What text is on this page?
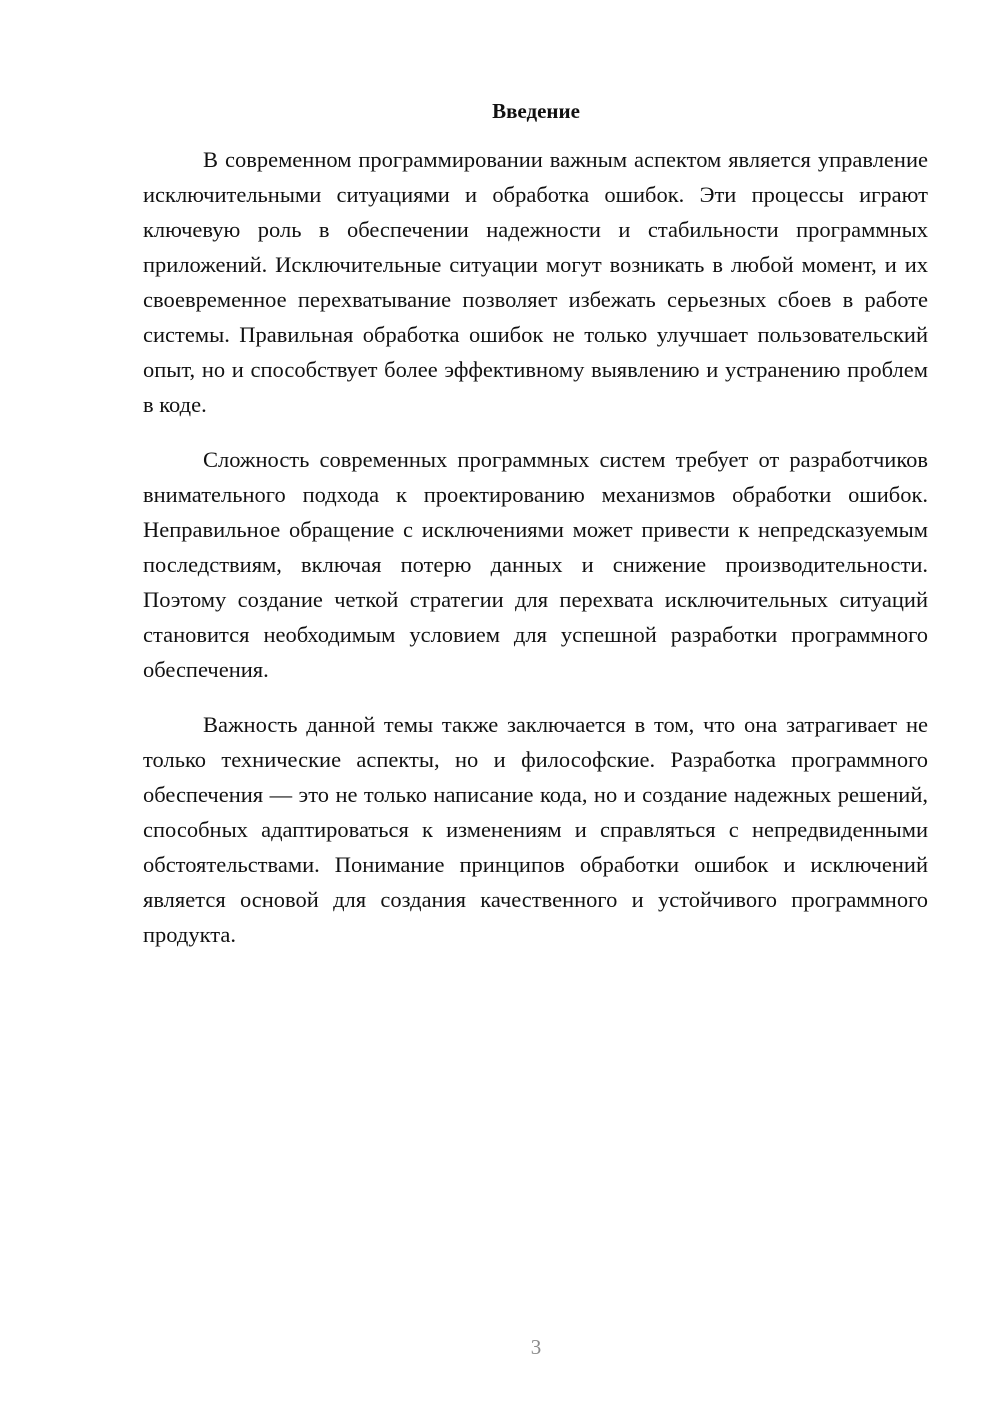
Введение

В современном программировании важным аспектом является управление исключительными ситуациями и обработка ошибок. Эти процессы играют ключевую роль в обеспечении надежности и стабильности программных приложений. Исключительные ситуации могут возникать в любой момент, и их своевременное перехватывание позволяет избежать серьезных сбоев в работе системы. Правильная обработка ошибок не только улучшает пользовательский опыт, но и способствует более эффективному выявлению и устранению проблем в коде.

Сложность современных программных систем требует от разработчиков внимательного подхода к проектированию механизмов обработки ошибок. Неправильное обращение с исключениями может привести к непредсказуемым последствиям, включая потерю данных и снижение производительности. Поэтому создание четкой стратегии для перехвата исключительных ситуаций становится необходимым условием для успешной разработки программного обеспечения.

Важность данной темы также заключается в том, что она затрагивает не только технические аспекты, но и философские. Разработка программного обеспечения — это не только написание кода, но и создание надежных решений, способных адаптироваться к изменениям и справляться с непредвиденными обстоятельствами. Понимание принципов обработки ошибок и исключений является основой для создания качественного и устойчивого программного продукта.

3
